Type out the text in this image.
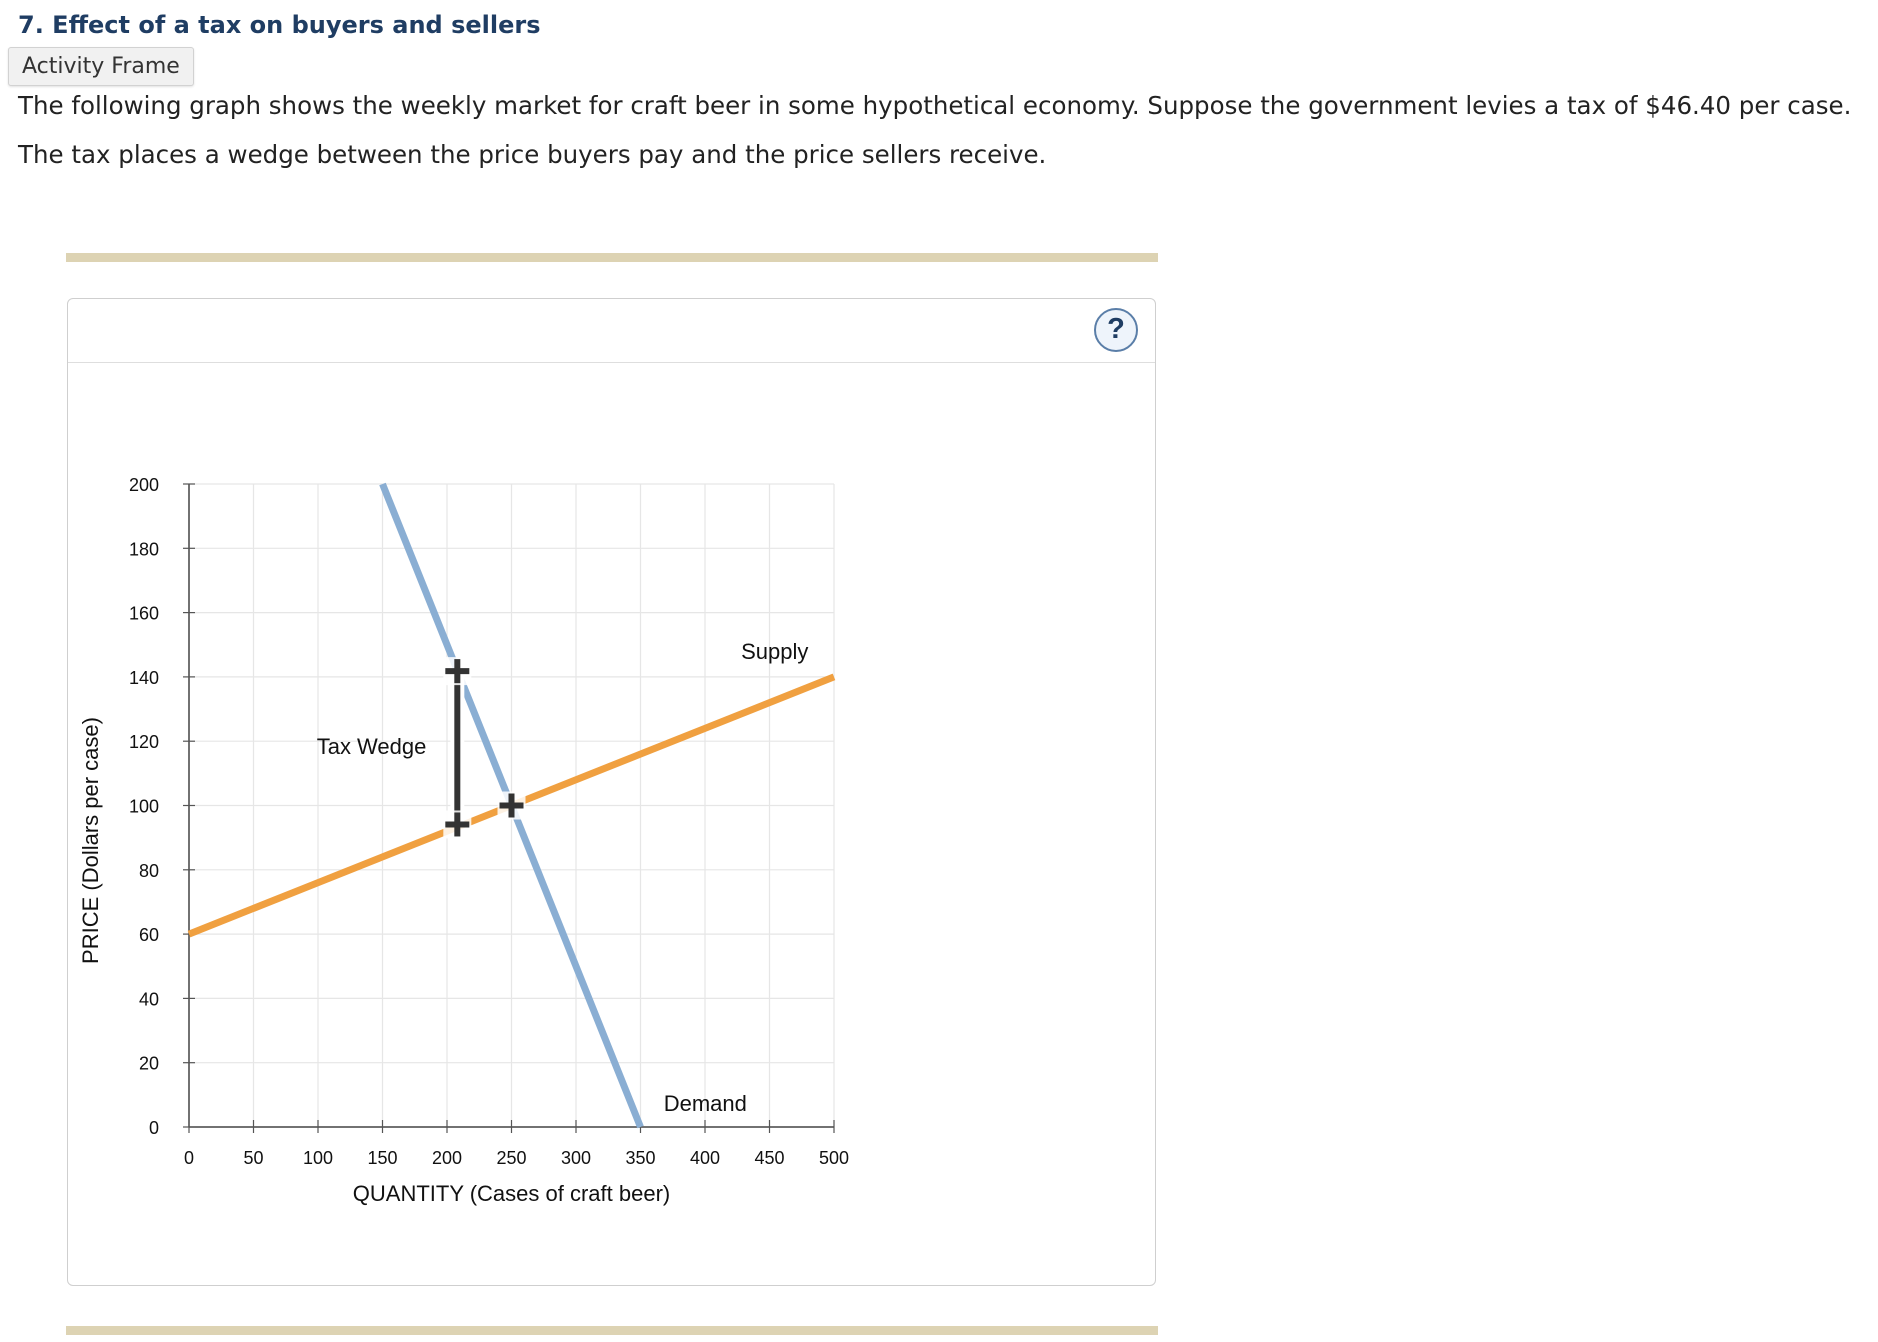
7. Effect of a tax on buyers and sellers
Activity Frame

The following graph shows the weekly market for craft beer in some hypothetical economy. Suppose the government levies a tax of $46.40 per case.

The tax places a wedge between the price buyers pay and the price sellers receive.

?
0
20
40
60
80
100
120
140
160
180
200
0	50 100 150 200 250 300 350 400 450 500
QUANTITY (Cases of craft beer)
PRICE (Dollars per case)
Supply
Demand
Tax Wedge
